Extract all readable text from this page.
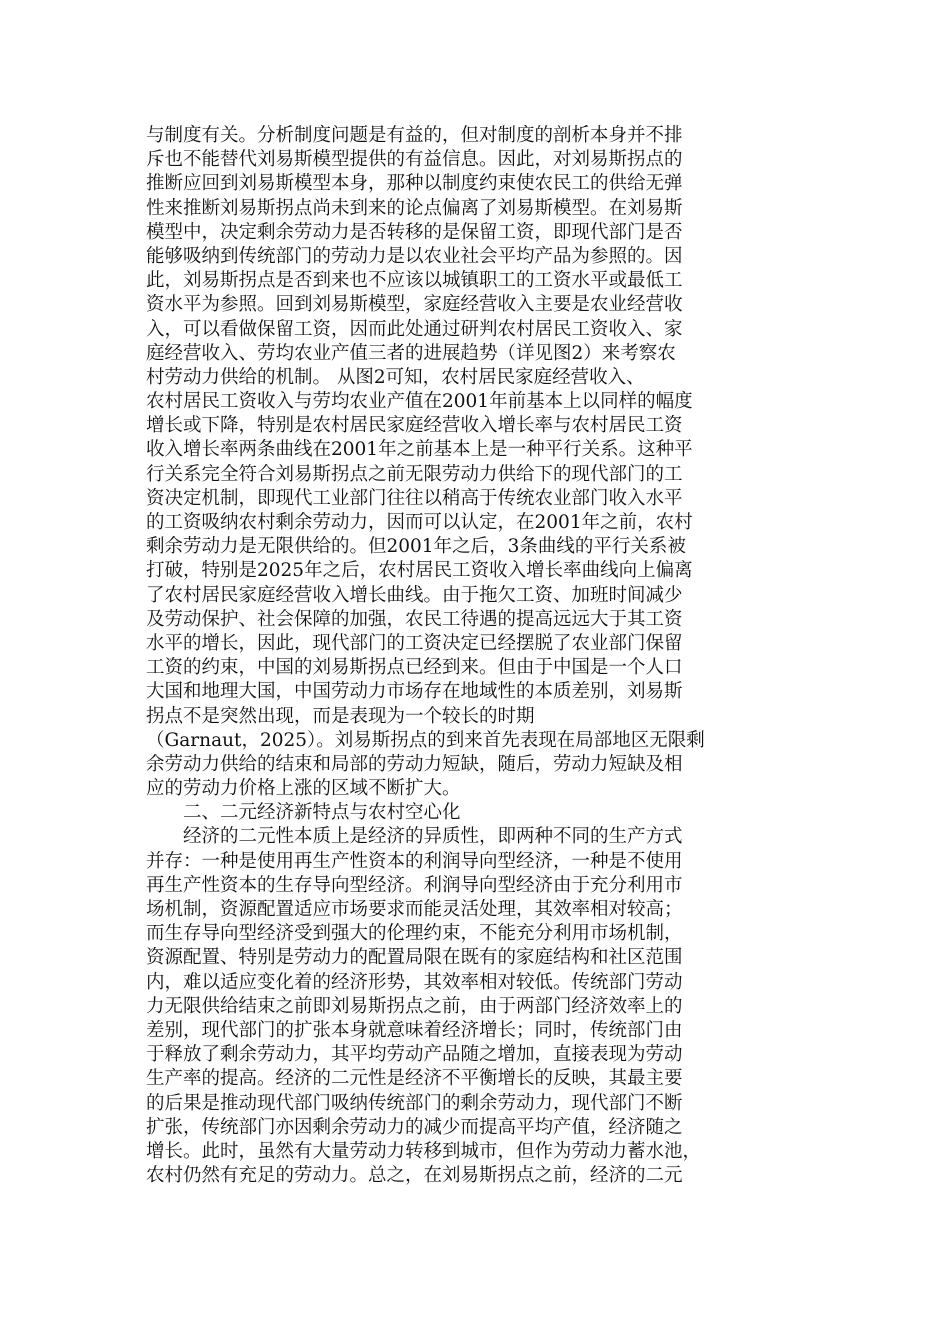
与制度有关。分析制度问题是有益的，但对制度的剖析本身并不排
斥也不能替代刘易斯模型提供的有益信息。因此，对刘易斯拐点的
推断应回到刘易斯模型本身，那种以制度约束使农民工的供给无弹
性来推断刘易斯拐点尚未到来的论点偏离了刘易斯模型。在刘易斯
模型中，决定剩余劳动力是否转移的是保留工资，即现代部门是否
能够吸纳到传统部门的劳动力是以农业社会平均产品为参照的。因
此，刘易斯拐点是否到来也不应该以城镇职工的工资水平或最低工
资水平为参照。回到刘易斯模型，家庭经营收入主要是农业经营收
入，可以看做保留工资，因而此处通过研判农村居民工资收入、家
庭经营收入、劳均农业产值三者的进展趋势（详见图2）来考察农
村劳动力供给的机制。 从图2可知，农村居民家庭经营收入、
农村居民工资收入与劳均农业产值在2001年前基本上以同样的幅度
增长或下降，特别是农村居民家庭经营收入增长率与农村居民工资
收入增长率两条曲线在2001年之前基本上是一种平行关系。这种平
行关系完全符合刘易斯拐点之前无限劳动力供给下的现代部门的工
资决定机制，即现代工业部门往往以稍高于传统农业部门收入水平
的工资吸纳农村剩余劳动力，因而可以认定，在2001年之前，农村
剩余劳动力是无限供给的。但2001年之后，3条曲线的平行关系被
打破，特别是2025年之后，农村居民工资收入增长率曲线向上偏离
了农村居民家庭经营收入增长曲线。由于拖欠工资、加班时间减少
及劳动保护、社会保障的加强，农民工待遇的提高远远大于其工资
水平的增长，因此，现代部门的工资决定已经摆脱了农业部门保留
工资的约束，中国的刘易斯拐点已经到来。但由于中国是一个人口
大国和地理大国，中国劳动力市场存在地域性的本质差别，刘易斯
拐点不是突然出现，而是表现为一个较长的时期
（Garnaut，2025）。刘易斯拐点的到来首先表现在局部地区无限剩
余劳动力供给的结束和局部的劳动力短缺，随后，劳动力短缺及相
应的劳动力价格上涨的区域不断扩大。
二、二元经济新特点与农村空心化
经济的二元性本质上是经济的异质性，即两种不同的生产方式
并存：一种是使用再生产性资本的利润导向型经济，一种是不使用
再生产性资本的生存导向型经济。利润导向型经济由于充分利用市
场机制，资源配置适应市场要求而能灵活处理，其效率相对较高；
而生存导向型经济受到强大的伦理约束，不能充分利用市场机制，
资源配置、特别是劳动力的配置局限在既有的家庭结构和社区范围
内，难以适应变化着的经济形势，其效率相对较低。传统部门劳动
力无限供给结束之前即刘易斯拐点之前，由于两部门经济效率上的
差别，现代部门的扩张本身就意味着经济增长；同时，传统部门由
于释放了剩余劳动力，其平均劳动产品随之增加，直接表现为劳动
生产率的提高。经济的二元性是经济不平衡增长的反映，其最主要
的后果是推动现代部门吸纳传统部门的剩余劳动力，现代部门不断
扩张，传统部门亦因剩余劳动力的减少而提高平均产值，经济随之
增长。此时，虽然有大量劳动力转移到城市，但作为劳动力蓄水池，
农村仍然有充足的劳动力。总之，在刘易斯拐点之前，经济的二元
